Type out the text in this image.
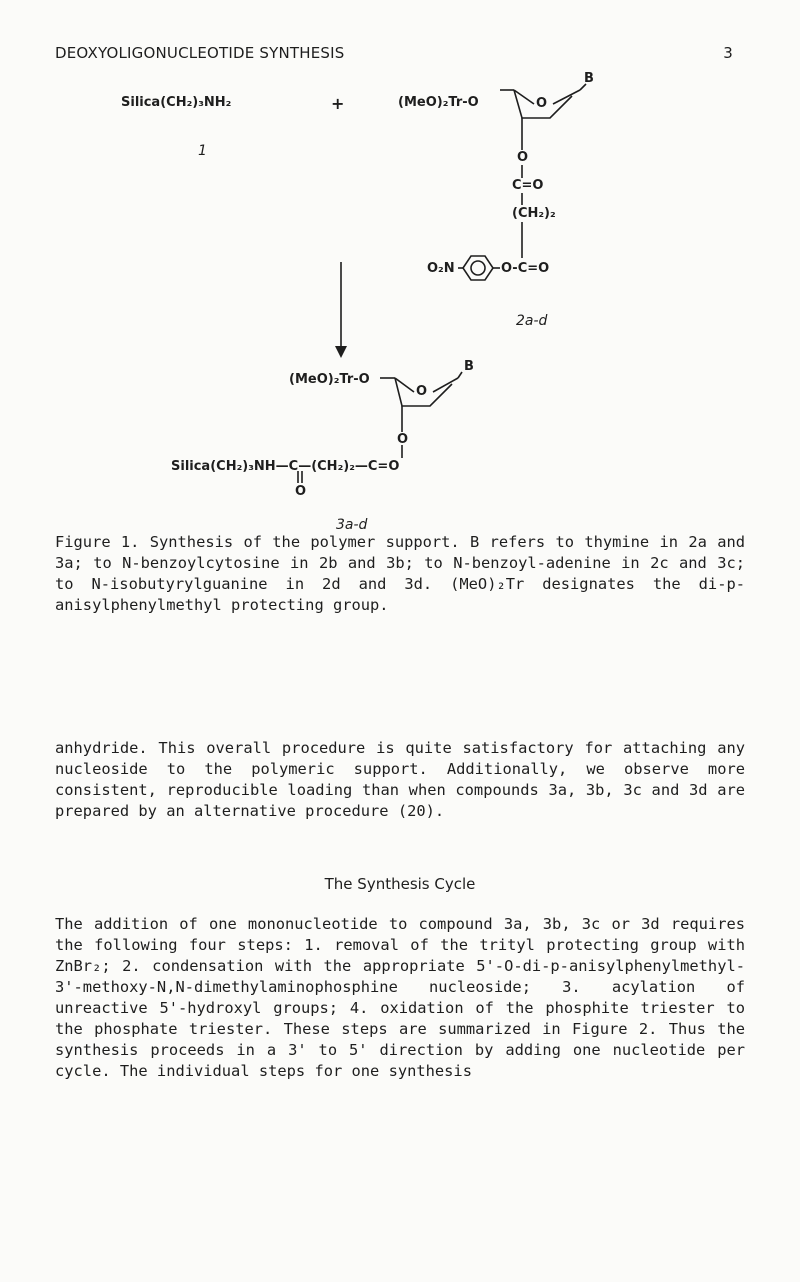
DEOXYOLIGONUCLEOTIDE SYNTHESIS	3
Silica(CH₂)₃NH₂
1
+	(MeO)₂Tr-O
B
O
O
C=O
(CH₂)₂
O₂N	O-C=O
2a-d
(MeO)₂Tr-O
B
O
O
Silica(CH₂)₃NH—C—(CH₂)₂—C=O
O
3a-d

Figure 1. Synthesis of the polymer support. B refers to thymine in 2a and 3a; to N-benzoylcytosine in 2b and 3b; to N-benzoyl-adenine in 2c and 3c; to N-isobutyrylguanine in 2d and 3d. (MeO)₂Tr designates the di-p-anisylphenylmethyl protecting group.

anhydride. This overall procedure is quite satisfactory for attaching any nucleoside to the polymeric support. Additionally, we observe more consistent, reproducible loading than when compounds 3a, 3b, 3c and 3d are prepared by an alternative procedure (20).

The Synthesis Cycle

The addition of one mononucleotide to compound 3a, 3b, 3c or 3d requires the following four steps: 1. removal of the trityl protecting group with ZnBr₂; 2. condensation with the appropriate 5'-O-di-p-anisylphenylmethyl-3'-methoxy-N,N-dimethylaminophosphine nucleoside; 3. acylation of unreactive 5'-hydroxyl groups; 4. oxidation of the phosphite triester to the phosphate triester. These steps are summarized in Figure 2. Thus the synthesis proceeds in a 3' to 5' direction by adding one nucleotide per cycle. The individual steps for one synthesis
